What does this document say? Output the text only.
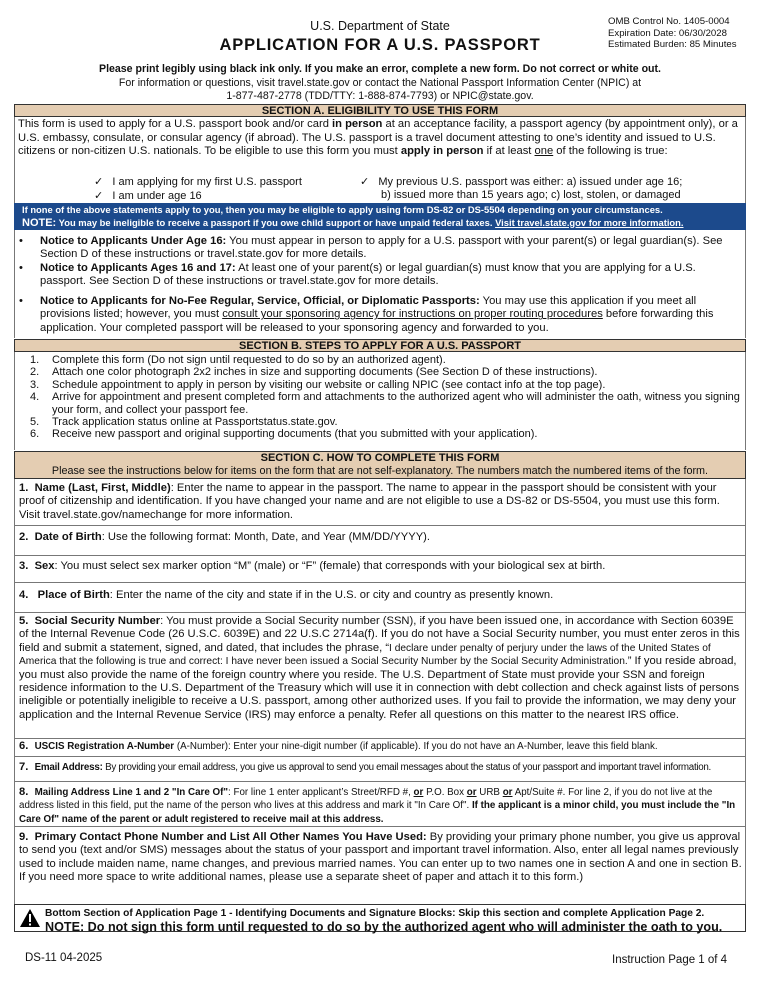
U.S. Department of State
APPLICATION FOR A U.S. PASSPORT
OMB Control No. 1405-0004
Expiration Date: 06/30/2028
Estimated Burden: 85 Minutes
Please print legibly using black ink only. If you make an error, complete a new form. Do not correct or white out.
For information or questions, visit travel.state.gov or contact the National Passport Information Center (NPIC) at
1-877-487-2778 (TDD/TTY: 1-888-874-7793) or NPIC@state.gov.
SECTION A. ELIGIBILITY TO USE THIS FORM
This form is used to apply for a U.S. passport book and/or card in person at an acceptance facility, a passport agency (by appointment only), or a U.S. embassy, consulate, or consular agency (if abroad). The U.S. passport is a travel document attesting to one’s identity and issued to U.S. citizens or non-citizen U.S. nationals. To be eligible to use this form you must apply in person if at least one of the following is true:
✓ I am applying for my first U.S. passport
✓ I am under age 16
✓ My previous U.S. passport was either: a) issued under age 16;
b) issued more than 15 years ago; c) lost, stolen, or damaged
If none of the above statements apply to you, then you may be eligible to apply using form DS-82 or DS-5504 depending on your circumstances.
NOTE: You may be ineligible to receive a passport if you owe child support or have unpaid federal taxes. Visit travel.state.gov for more information.
• Notice to Applicants Under Age 16: You must appear in person to apply for a U.S. passport with your parent(s) or legal guardian(s). See Section D of these instructions or travel.state.gov for more details.
• Notice to Applicants Ages 16 and 17: At least one of your parent(s) or legal guardian(s) must know that you are applying for a U.S. passport. See Section D of these instructions or travel.state.gov for more details.
• Notice to Applicants for No-Fee Regular, Service, Official, or Diplomatic Passports: You may use this application if you meet all provisions listed; however, you must consult your sponsoring agency for instructions on proper routing procedures before forwarding this application. Your completed passport will be released to your sponsoring agency and forwarded to you.
SECTION B. STEPS TO APPLY FOR A U.S. PASSPORT
1. Complete this form (Do not sign until requested to do so by an authorized agent).
2. Attach one color photograph 2x2 inches in size and supporting documents (See Section D of these instructions).
3. Schedule appointment to apply in person by visiting our website or calling NPIC (see contact info at the top page).
4.	Arrive for appointment and present completed form and attachments to the authorized agent who will administer the oath, witness you signing your form, and collect your passport fee.
5. Track application status online at Passportstatus.state.gov.
6. Receive new passport and original supporting documents (that you submitted with your application).
SECTION C. HOW TO COMPLETE THIS FORM
Please see the instructions below for items on the form that are not self-explanatory. The numbers match the numbered items of the form.
1. Name (Last, First, Middle): Enter the name to appear in the passport. The name to appear in the passport should be consistent with your proof of citizenship and identification. If you have changed your name and are not eligible to use a DS-82 or DS-5504, you must use this form. Visit travel.state.gov/namechange for more information.
2. Date of Birth: Use the following format: Month, Date, and Year (MM/DD/YYYY).
3. Sex: You must select sex marker option “M” (male) or “F” (female) that corresponds with your biological sex at birth.
4. Place of Birth: Enter the name of the city and state if in the U.S. or city and country as presently known.
5. Social Security Number: You must provide a Social Security number (SSN), if you have been issued one, in accordance with Section 6039E of the Internal Revenue Code (26 U.S.C. 6039E) and 22 U.S.C 2714a(f). If you do not have a Social Security number, you must enter zeros in this field and submit a statement, signed, and dated, that includes the phrase, “I declare under penalty of perjury under the laws of the United States of America that the following is true and correct: I have never been issued a Social Security Number by the Social Security Administration.” If you reside abroad, you must also provide the name of the foreign country where you reside. The U.S. Department of State must provide your SSN and foreign residence information to the U.S. Department of the Treasury which will use it in connection with debt collection and check against lists of persons ineligible or potentially ineligible to receive a U.S. passport, among other authorized uses. If you fail to provide the information, we may deny your application and the Internal Revenue Service (IRS) may enforce a penalty. Refer all questions on this matter to the nearest IRS office.
6. USCIS Registration A-Number (A-Number): Enter your nine-digit number (if applicable). If you do not have an A-Number, leave this field blank.
7. Email Address: By providing your email address, you give us approval to send you email messages about the status of your passport and important travel information.
8. Mailing Address Line 1 and 2 "In Care Of": For line 1 enter applicant’s Street/RFD #, or P.O. Box or URB or Apt/Suite #. For line 2, if you do not live at the address listed in this field, put the name of the person who lives at this address and mark it "In Care Of". If the applicant is a minor child, you must include the "In Care Of" name of the parent or adult registered to receive mail at this address.
9. Primary Contact Phone Number and List All Other Names You Have Used: By providing your primary phone number, you give us approval to send you (text and/or SMS) messages about the status of your passport and important travel information. Also, enter all legal names previously used to include maiden name, name changes, and previous married names. You can enter up to two names one in section A and one in section B. If you need more space to write additional names, please use a separate sheet of paper and attach it to this form.)
Bottom Section of Application Page 1 - Identifying Documents and Signature Blocks: Skip this section and complete Application Page 2.
NOTE: Do not sign this form until requested to do so by the authorized agent who will administer the oath to you.
DS-11 04-2025	Instruction Page 1 of 4
